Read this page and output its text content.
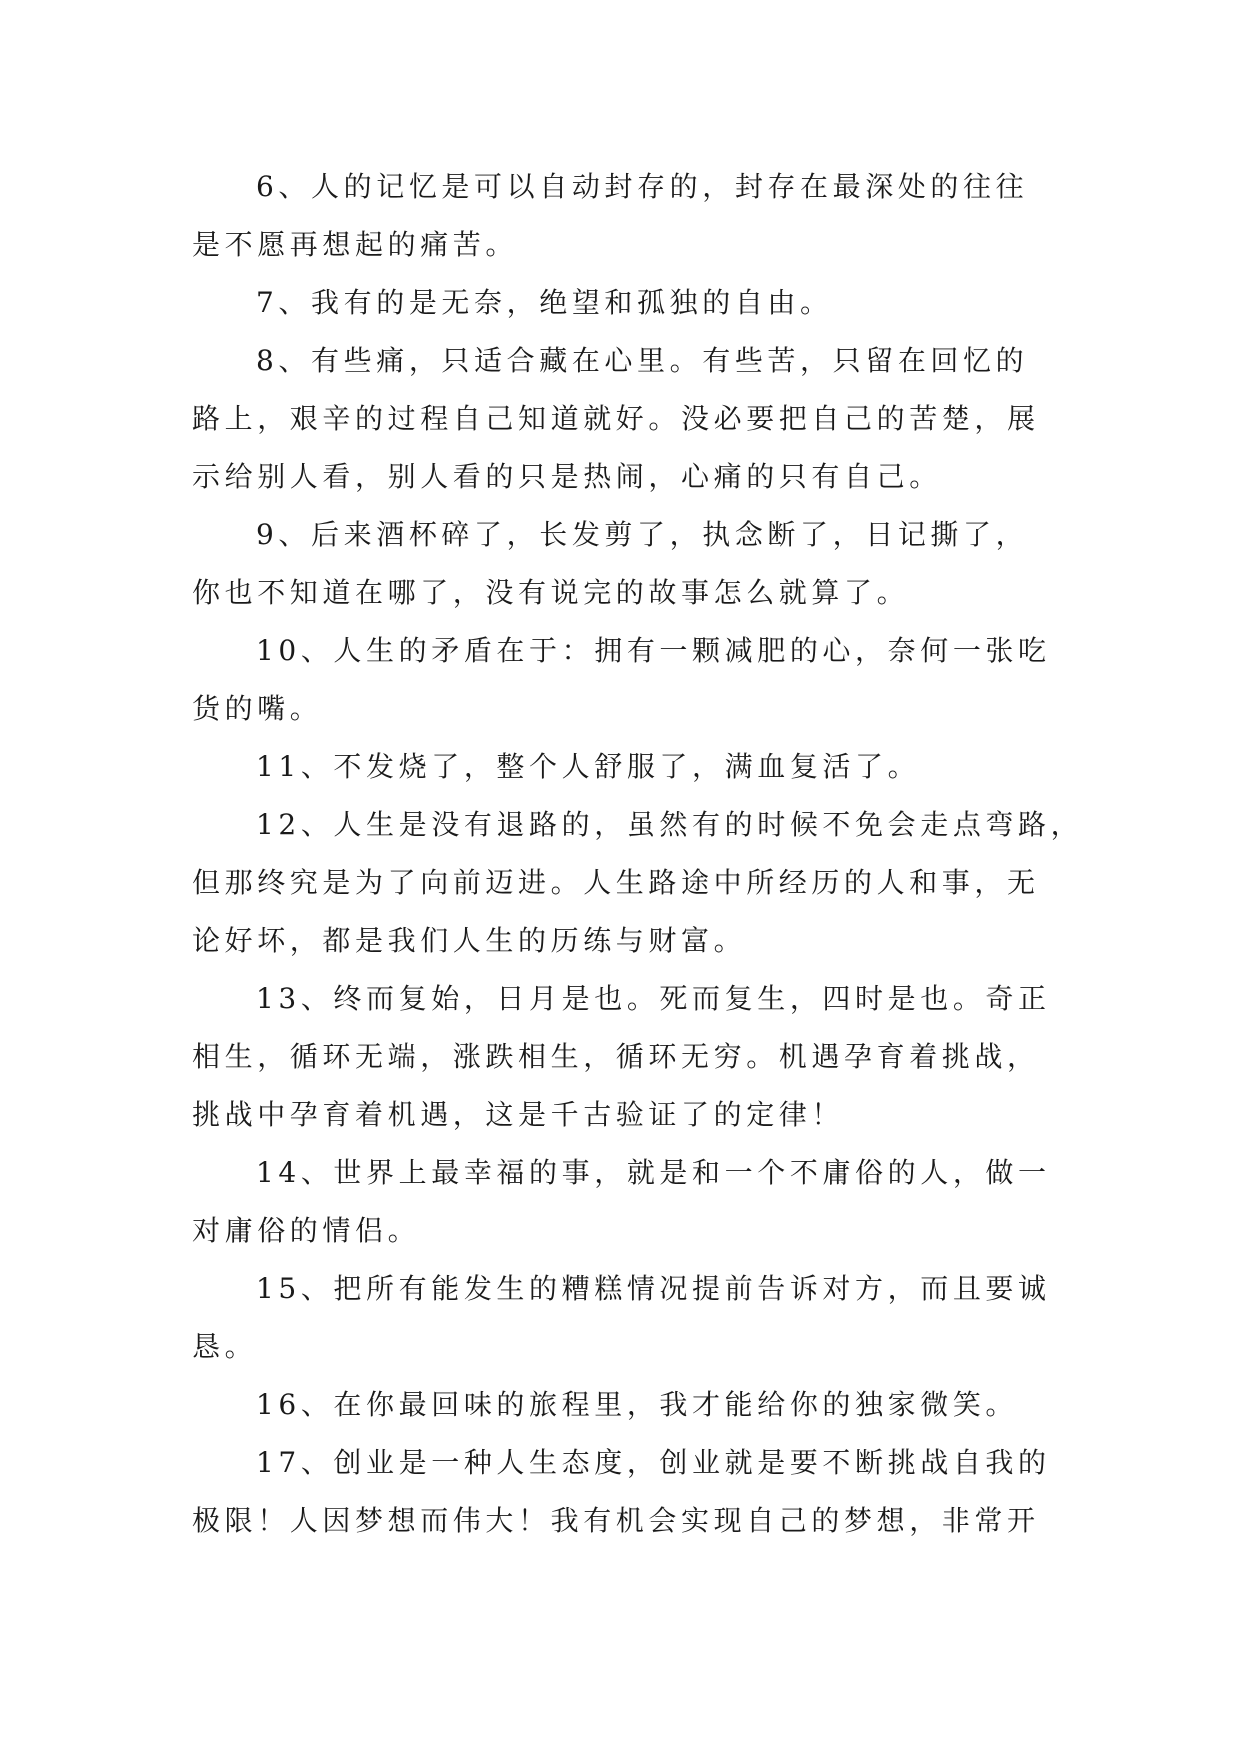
6、人的记忆是可以自动封存的，封存在最深处的往往
是不愿再想起的痛苦。

7、我有的是无奈，绝望和孤独的自由。

8、有些痛，只适合藏在心里。有些苦，只留在回忆的
路上，艰辛的过程自己知道就好。没必要把自己的苦楚，展
示给别人看，别人看的只是热闹，心痛的只有自己。

9、后来酒杯碎了，长发剪了，执念断了，日记撕了，
你也不知道在哪了，没有说完的故事怎么就算了。

10、人生的矛盾在于：拥有一颗减肥的心，奈何一张吃
货的嘴。

11、不发烧了，整个人舒服了，满血复活了。

12、人生是没有退路的，虽然有的时候不免会走点弯路，
但那终究是为了向前迈进。人生路途中所经历的人和事，无
论好坏，都是我们人生的历练与财富。

13、终而复始，日月是也。死而复生，四时是也。奇正
相生，循环无端，涨跌相生，循环无穷。机遇孕育着挑战，
挑战中孕育着机遇，这是千古验证了的定律！

14、世界上最幸福的事，就是和一个不庸俗的人，做一
对庸俗的情侣。

15、把所有能发生的糟糕情况提前告诉对方，而且要诚
恳。

16、在你最回味的旅程里，我才能给你的独家微笑。

17、创业是一种人生态度，创业就是要不断挑战自我的
极限！人因梦想而伟大！我有机会实现自己的梦想，非常开
